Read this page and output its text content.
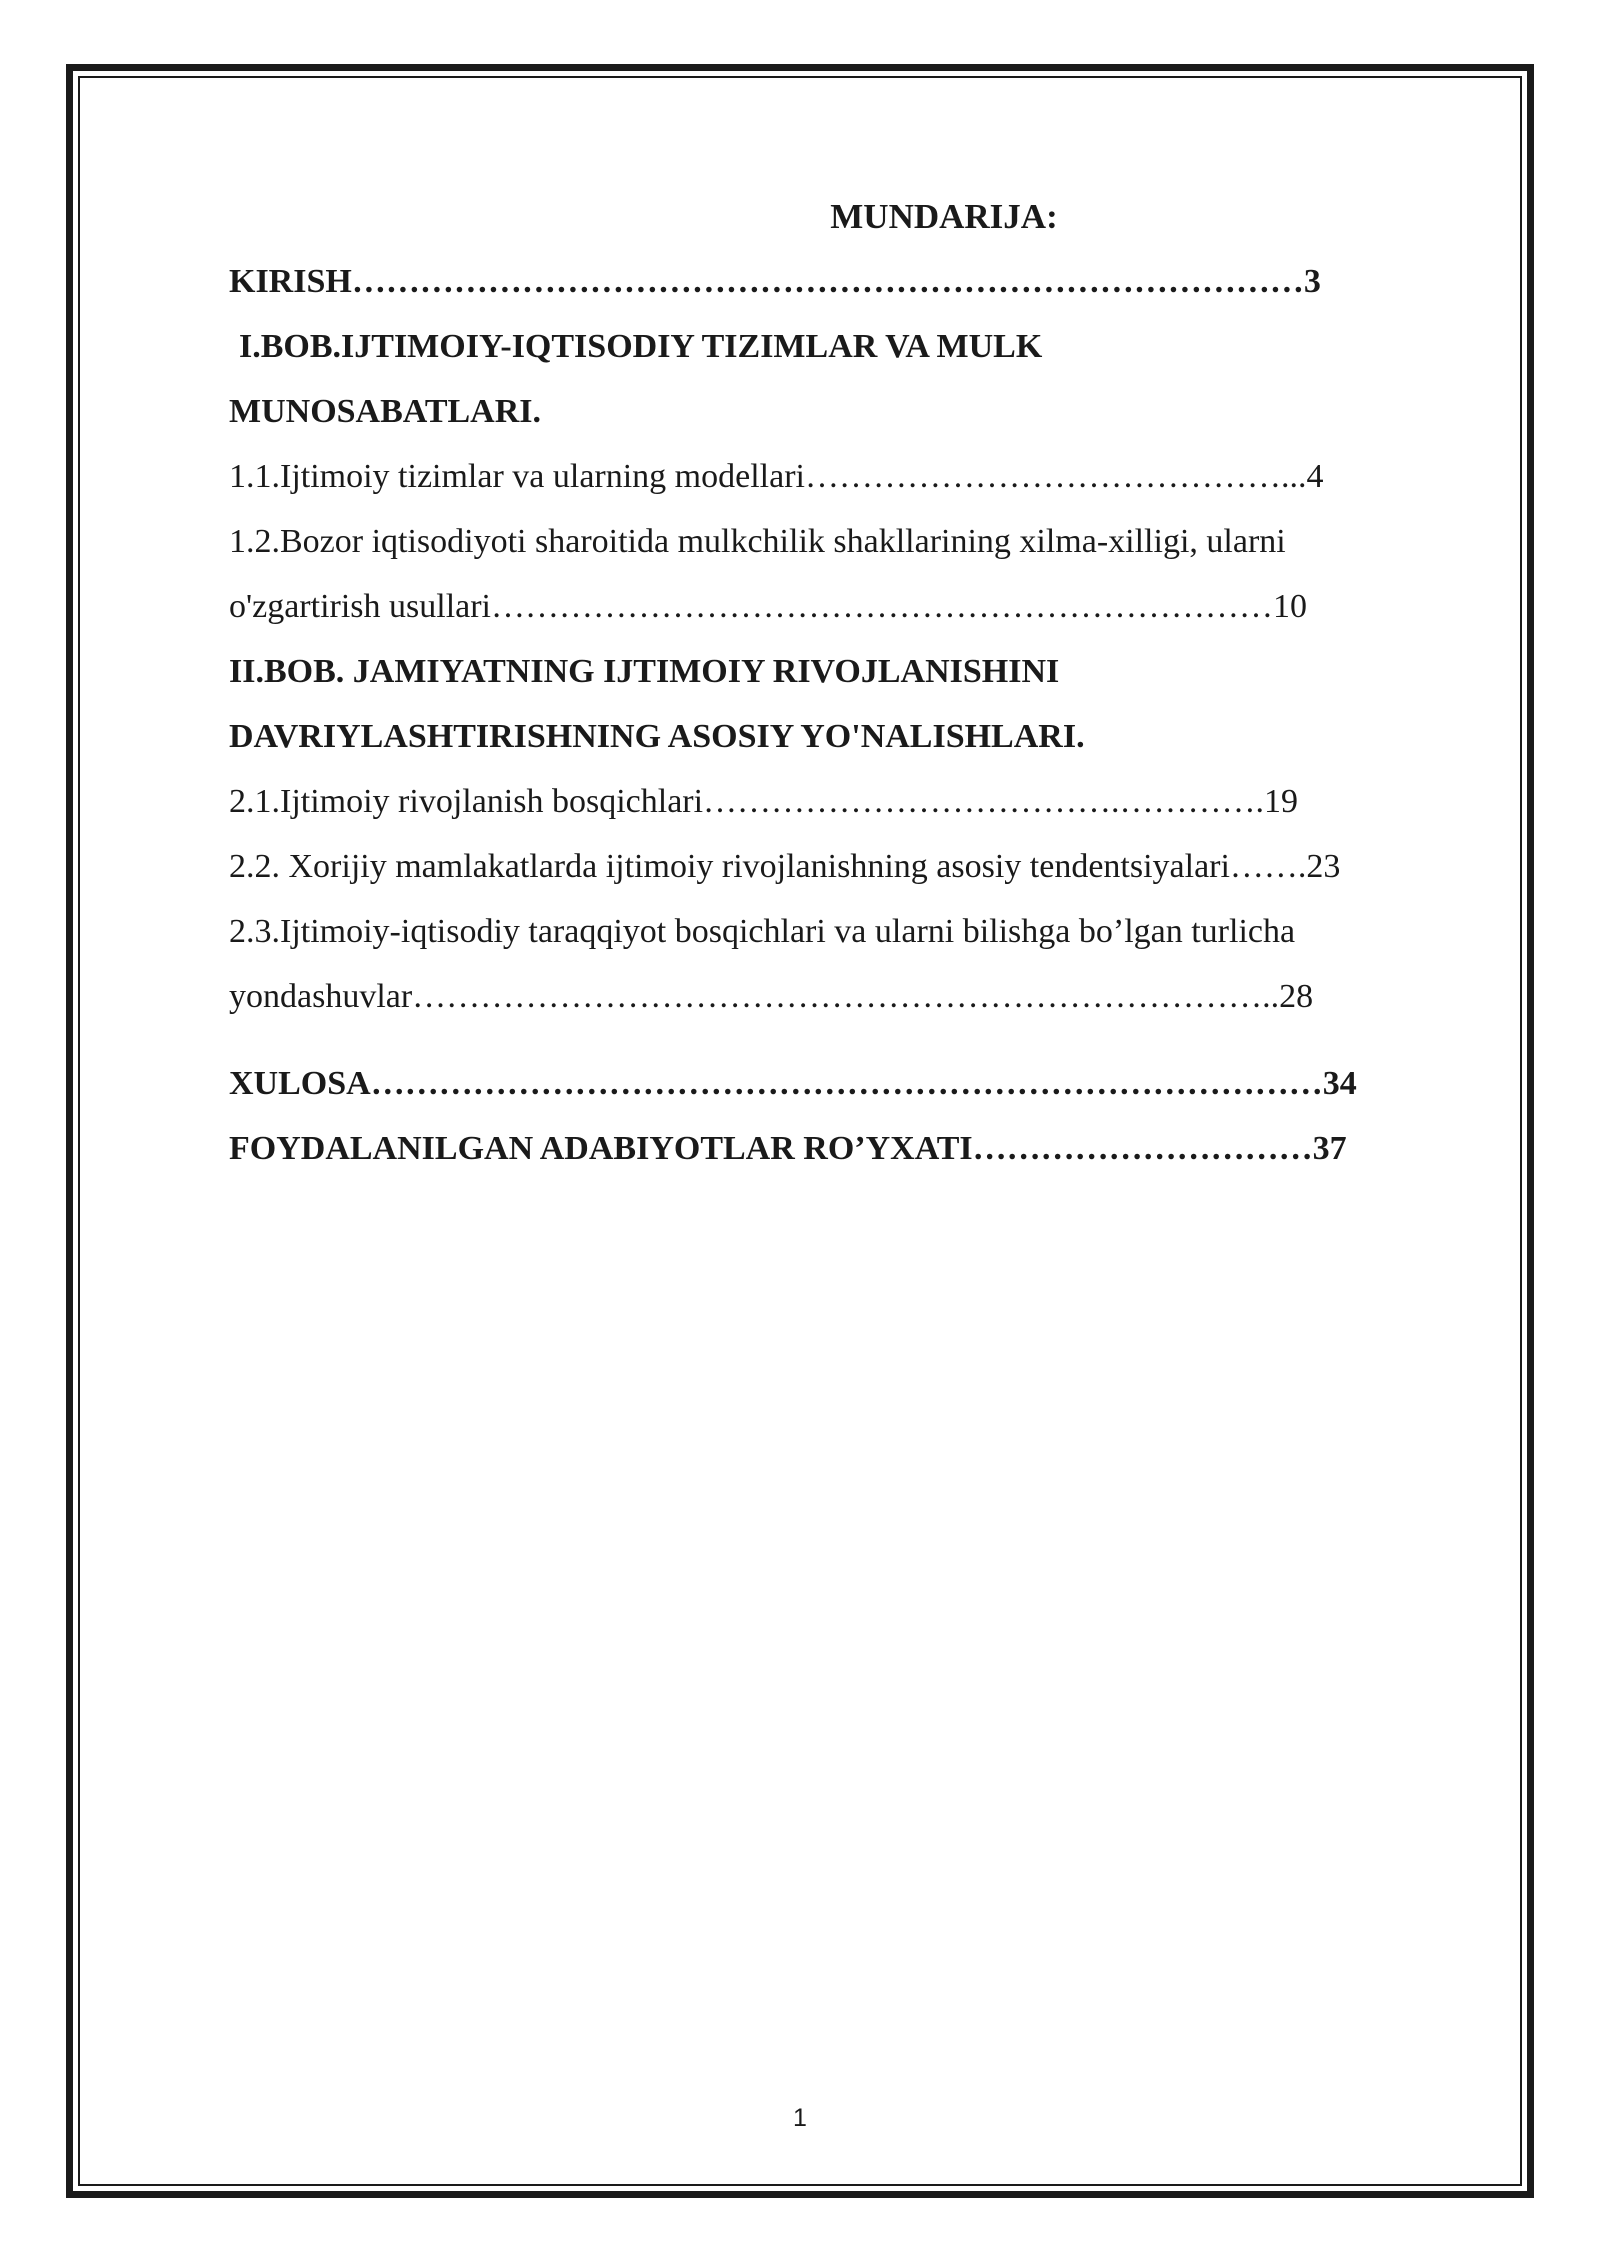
MUNDARIJA:
KIRISH…………………………………………………………………………3
I.BOB.IJTIMOIY-IQTISODIY TIZIMLAR VA MULK
MUNOSABATLARI.
1.1.Ijtimoiy tizimlar va ularning modellari……………………………………...4
1.2.Bozor iqtisodiyoti sharoitida mulkchilik shakllarining xilma-xilligi, ularni
o'zgartirish usullari……………………………………………………………10
II.BOB. JAMIYATNING IJTIMOIY RIVOJLANISHINI
DAVRIYLASHTIRISHNING ASOSIY YO'NALISHLARI.
2.1.Ijtimoiy rivojlanish bosqichlari……………………………….………….19
2.2. Xorijiy mamlakatlarda ijtimoiy rivojlanishning asosiy tendentsiyalari…….23
2.3.Ijtimoiy-iqtisodiy taraqqiyot bosqichlari va ularni bilishga bo’lgan turlicha
yondashuvlar…………………………………………………………………..28
XULOSA…………………………………………………………………………34
FOYDALANILGAN ADABIYOTLAR RO’YXATI…………………………37
1
